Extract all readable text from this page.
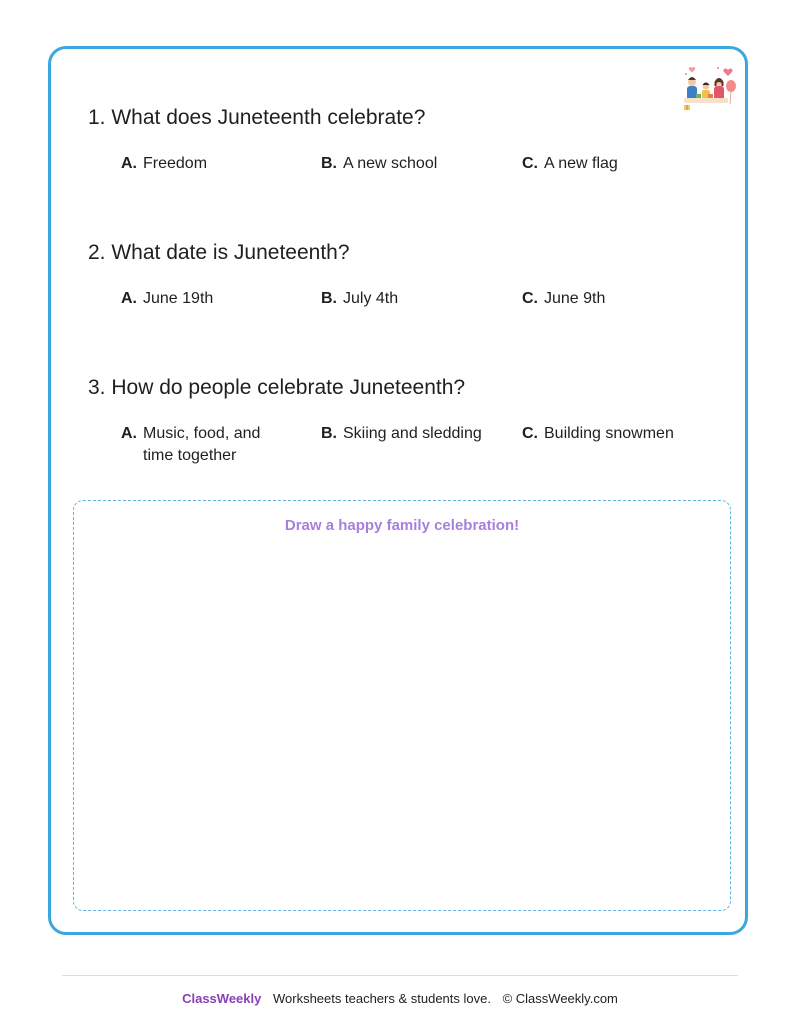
1. What does Juneteenth celebrate?

A. Freedom	B. A new school	C. A new flag

2. What date is Juneteenth?

A. June 19th	B. July 4th	C. June 9th

3. How do people celebrate Juneteenth?

A. Music, food, and time together
B. Skiing and sledding	C. Building snowmen
Draw a happy family celebration!
ClassWeekly Worksheets teachers & students love. © ClassWeekly.com
